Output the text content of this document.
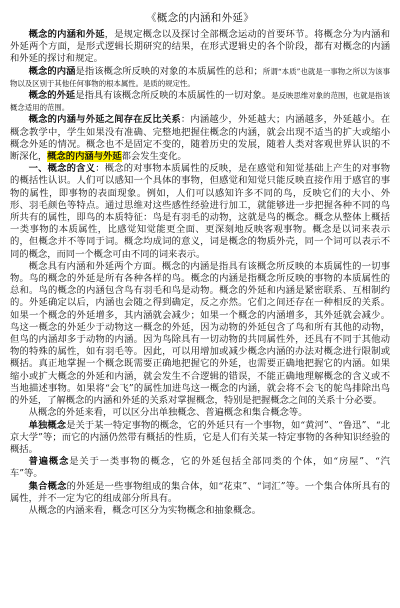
《概念的内涵和外延》

概念的内涵和外延，是规定概念以及探讨全部概念运动的首要环节。将概念分为内涵和外延两个方面，是形式逻辑长期研究的结果，在形式逻辑史的各个阶段，都有对概念的内涵和外延的探讨和规定。

概念的内涵是指该概念所反映的对象的本质属性的总和；所谓“本质”也就是一事物之所以为该事物以及区别于其他任何事物的根本属性。是质的规定性。

概念的外延是指具有该概念所反映的本质属性的一切对象。是反映思维对象的范围，也就是指该概念适用的范围。

概念的内涵与外延之间存在反比关系：内涵越少，外延越大；内涵越多，外延越小。在概念教学中，学生如果没有准确、完整地把握住概念的内涵，就会出现不适当的扩大或缩小概念外延的情况。概念也不是固定不变的，随着历史的发展，随着人类对客观世界认识的不断深化，概念的内涵与外延都会发生变化。

一、概念的含义：概念的对事物本质属性的反映，是在感觉和知觉基础上产生的对事物的概括性认识。人们可以感知一个具体的事物，但感觉和知觉只能反映直接作用于感官的事物的属性，即事物的表面现象。例如，人们可以感知许多不同的鸟，反映它们的大小、外形、羽毛颜色等特点。通过思维对这些感性经验进行加工，就能够进一步把握各种不同的鸟所共有的属性，即鸟的本质特征：鸟是有羽毛的动物，这就是鸟的概念。概念从整体上概括一类事物的本质属性，比感觉知觉能更全面、更深刻地反映客观事物。概念是以词来表示的，但概念并不等同于词。概念均成词的意义，词是概念的物质外壳，同一个词可以表示不同的概念，而同一个概念可由不同的词来表示。

概念具有内涵和外延两个方面。概念的内涵是指具有该概念所反映的本质属性的一切事物。鸟的概念的外延是所有各种各样的鸟。概念的内涵是指概念所反映的事物的本质属性的总和。鸟的概念的内涵包含鸟有羽毛和鸟是动物。概念的外延和内涵是紧密联系、互相制约的。外延确定以后，内涵也会随之得到确定，反之亦然。它们之间还存在一种相反的关系。如果一个概念的外延增多，其内涵就会减少；如果一个概念的内涵增多，其外延就会减少。鸟这一概念的外延少于动物这一概念的外延，因为动物的外延包含了鸟和所有其他的动物，但鸟的内涵却多于动物的内涵。因为鸟除具有一切动物的共同属性外，还具有不同于其他动物的特殊的属性，如有羽毛等。因此，可以用增加或减少概念内涵的办法对概念进行限制或概括。真正地掌握一个概念既需要正确地把握它的外延，也需要正确地把握它的内涵。如果缩小或扩大概念的外延和内涵，就会发生不合逻辑的错误，不能正确地理解概念的含义或不当地描述事物。如果将“会飞”的属性加进鸟这一概念的内涵，就会将不会飞的鸵鸟排除出鸟的外延，了解概念的内涵和外延的关系对掌握概念，特别是把握概念之间的关系十分必要。

从概念的外延来看，可以区分出单独概念、普遍概念和集合概念等。

单独概念是关于某一特定事物的概念，它的外延只有一个事物，如“黄河”、“鲁迅”、“北京大学”等；而它的内涵仍然带有概括的性质，它是人们有关某一特定事物的各种知识经验的概括。

普遍概念是关于一类事物的概念，它的外延包括全部同类的个体，如“房屋”、“汽车”等。

集合概念的外延是一些事物组成的集合体，如“花束”、“词汇”等。一个集合体所具有的属性，并不一定为它的组成部分所具有。

从概念的内涵来看，概念可区分为实物概念和抽象概念。
